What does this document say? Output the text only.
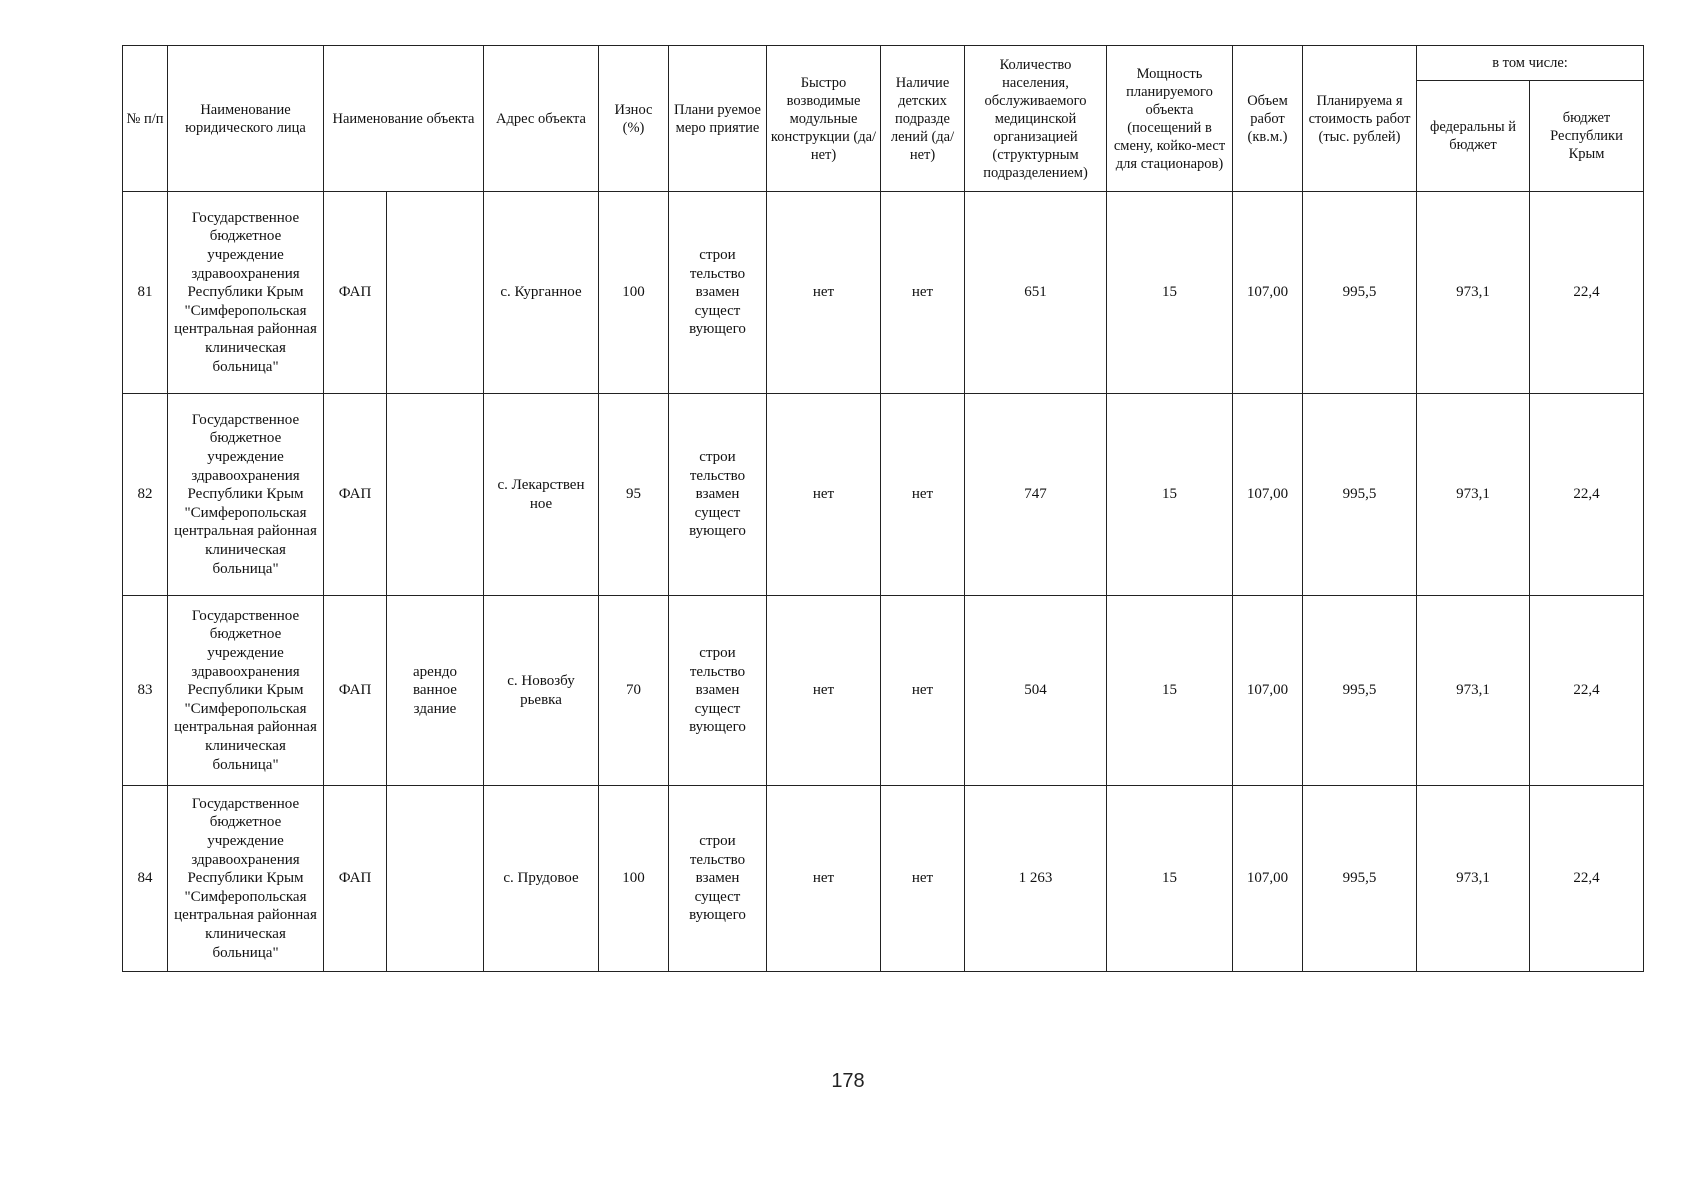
№ п/п	Наименование юридического лица	Наименование объекта		Адрес объекта	Износ (%)	Плани руемое меро приятие	Быстро возводимые модульные конструкции (да/нет)	Наличие детских подразде лений (да/нет)	Количество населения, обслуживаемого медицинской организацией (структурным подразделением)	Мощность планируемого объекта (посещений в смену, койко-мест для стационаров)	Объем работ (кв.м.)	Планируема я стоимость работ (тыс. рублей)	в том числе:	
													федеральны й бюджет	бюджет Республики Крым
81	Государственное бюджетное учреждение здравоохранения Республики Крым "Симферопольская центральная районная клиническая больница"	ФАП		с. Курганное	100	строи тельство взамен сущест вующего	нет	нет	651	15	107,00	995,5	973,1	22,4
82	Государственное бюджетное учреждение здравоохранения Республики Крым "Симферопольская центральная районная клиническая больница"	ФАП		с. Лекарствен ное	95	строи тельство взамен сущест вующего	нет	нет	747	15	107,00	995,5	973,1	22,4
83	Государственное бюджетное учреждение здравоохранения Республики Крым "Симферопольская центральная районная клиническая больница"	ФАП	арендо ванное здание	с. Новозбу рьевка	70	строи тельство взамен сущест вующего	нет	нет	504	15	107,00	995,5	973,1	22,4
84	Государственное бюджетное учреждение здравоохранения Республики Крым "Симферопольская центральная районная клиническая больница"	ФАП		с. Прудовое	100	строи тельство взамен сущест вующего	нет	нет	1 263	15	107,00	995,5	973,1	22,4
178
